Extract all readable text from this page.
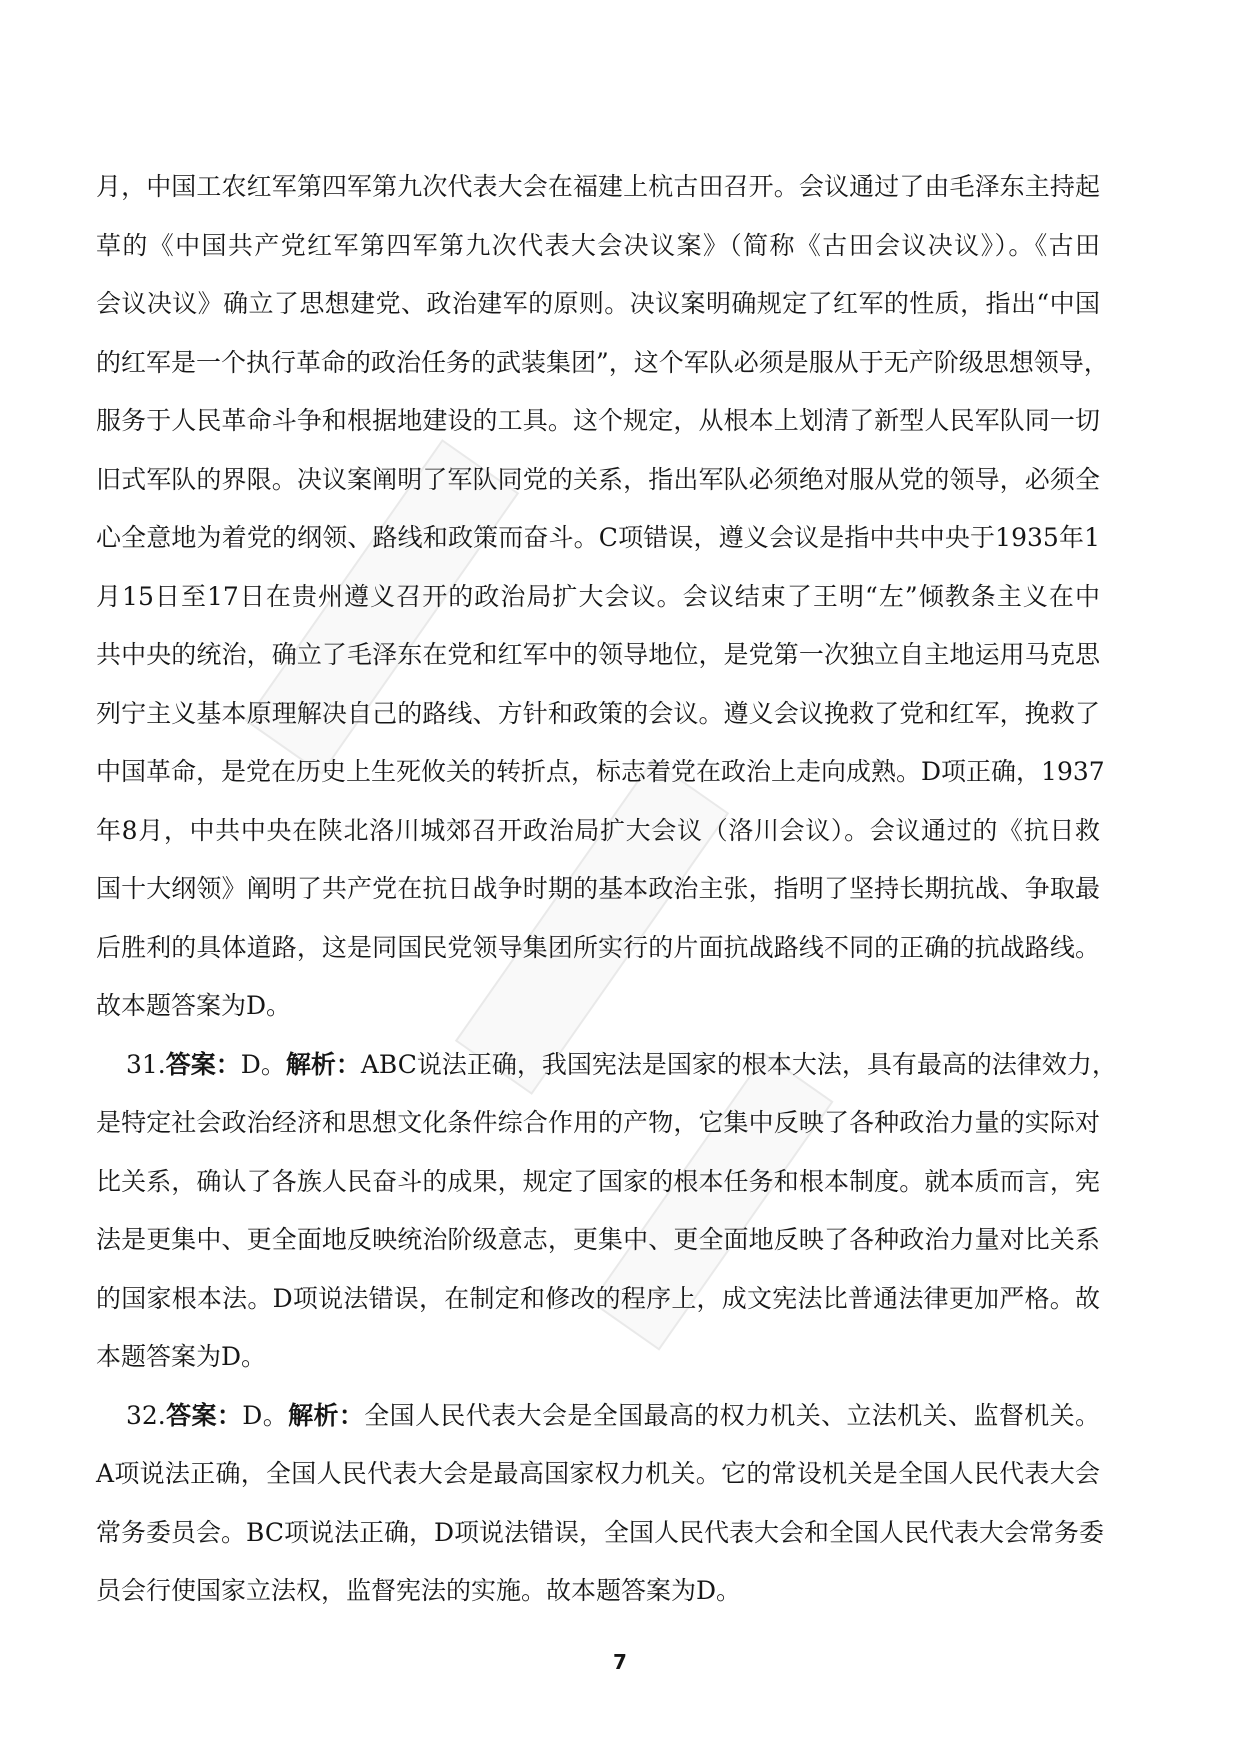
月，中国工农红军第四军第九次代表大会在福建上杭古田召开。会议通过了由毛泽东主持起
草的《中国共产党红军第四军第九次代表大会决议案》（简称《古田会议决议》）。《古田
会议决议》确立了思想建党、政治建军的原则。决议案明确规定了红军的性质，指出“中国
的红军是一个执行革命的政治任务的武装集团”，这个军队必须是服从于无产阶级思想领导，
服务于人民革命斗争和根据地建设的工具。这个规定，从根本上划清了新型人民军队同一切
旧式军队的界限。决议案阐明了军队同党的关系，指出军队必须绝对服从党的领导，必须全
心全意地为着党的纲领、路线和政策而奋斗。C项错误，遵义会议是指中共中央于1935年1
月15日至17日在贵州遵义召开的政治局扩大会议。会议结束了王明“左”倾教条主义在中
共中央的统治，确立了毛泽东在党和红军中的领导地位，是党第一次独立自主地运用马克思
列宁主义基本原理解决自己的路线、方针和政策的会议。遵义会议挽救了党和红军，挽救了
中国革命，是党在历史上生死攸关的转折点，标志着党在政治上走向成熟。D项正确，1937
年8月，中共中央在陕北洛川城郊召开政治局扩大会议（洛川会议）。会议通过的《抗日救
国十大纲领》阐明了共产党在抗日战争时期的基本政治主张，指明了坚持长期抗战、争取最
后胜利的具体道路，这是同国民党领导集团所实行的片面抗战路线不同的正确的抗战路线。
故本题答案为D。
31.答案：D。解析：ABC说法正确，我国宪法是国家的根本大法，具有最高的法律效力，
是特定社会政治经济和思想文化条件综合作用的产物，它集中反映了各种政治力量的实际对
比关系，确认了各族人民奋斗的成果，规定了国家的根本任务和根本制度。就本质而言，宪
法是更集中、更全面地反映统治阶级意志，更集中、更全面地反映了各种政治力量对比关系
的国家根本法。D项说法错误，在制定和修改的程序上，成文宪法比普通法律更加严格。故
本题答案为D。
32.答案：D。解析：全国人民代表大会是全国最高的权力机关、立法机关、监督机关。
A项说法正确，全国人民代表大会是最高国家权力机关。它的常设机关是全国人民代表大会
常务委员会。BC项说法正确，D项说法错误，全国人民代表大会和全国人民代表大会常务委
员会行使国家立法权，监督宪法的实施。故本题答案为D。
7
